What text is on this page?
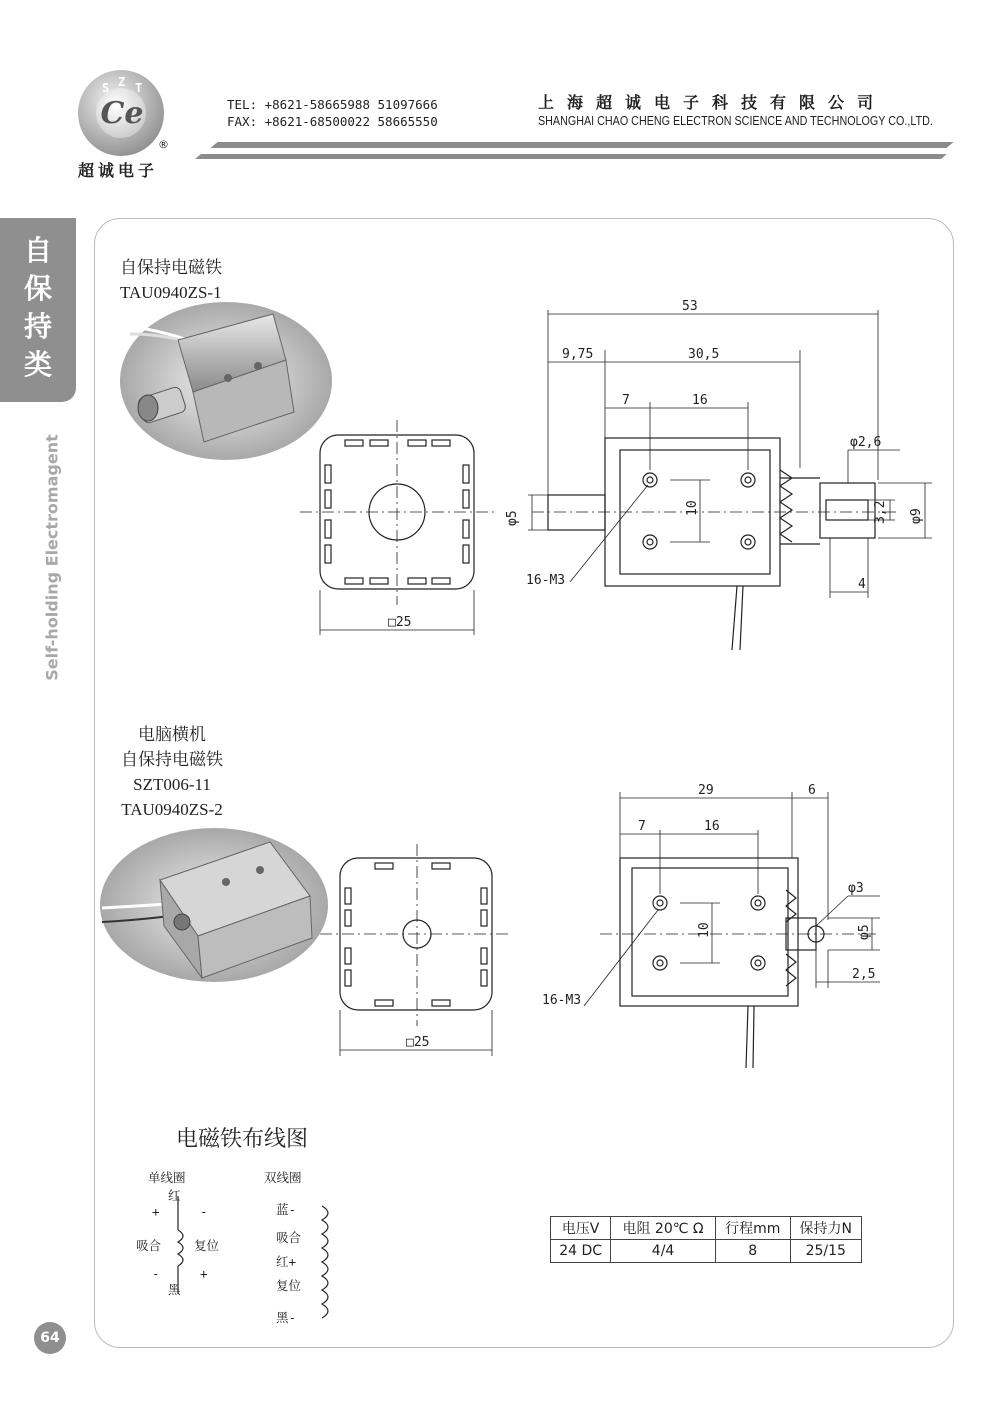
Ce
S Z T
®
超诚电子
TEL: +8621-58665988 51097666
FAX: +8621-68500022 58665550
上海超诚电子科技有限公司
SHANGHAI CHAO CHENG ELECTRON SCIENCE AND TECHNOLOGY CO.,LTD.
自
保
持
类
Self-holding Electromagent
64
自保持电磁铁
TAU0940ZS-1
□25
53
9,75	30,5
7	16
10
φ5
16-M3
φ2,6
3,2 φ9
4
电脑横机
自保持电磁铁
SZT006-11
TAU0940ZS-2
□25
29	6
7	16
10
16-M3
φ3
φ5
2,5
电磁铁布线图
单线圈
红
+	-
吸合	复位
-	+
黑
双线圈
蓝-
吸合
红+
复位
黑-
电压V	电阻 20℃ Ω	行程mm	保持力N
24 DC	4/4	8	25/15
